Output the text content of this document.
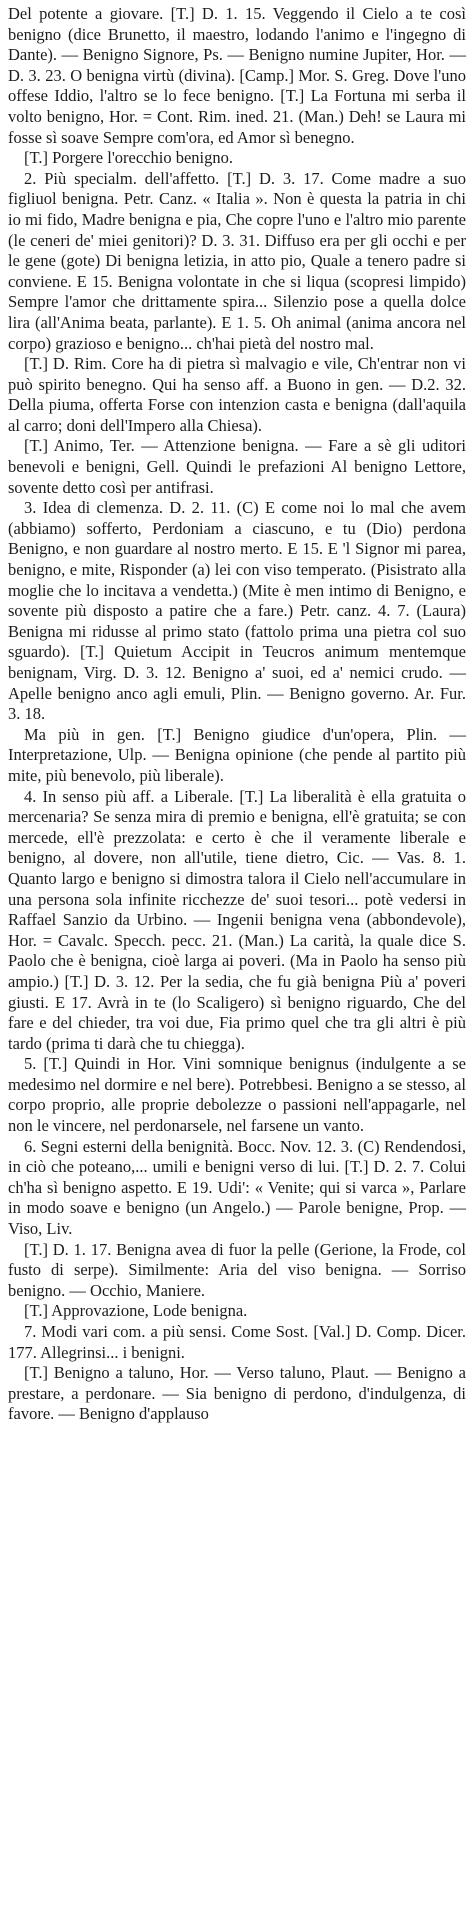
Del potente a giovare. [T.] D. 1. 15. Veggendo il Cielo a te così benigno (dice Brunetto, il maestro, lodando l'animo e l'ingegno di Dante). — Benigno Signore, Ps. — Benigno numine Jupiter, Hor. — D. 3. 23. O benigna virtù (divina). [Camp.] Mor. S. Greg. Dove l'uno offese Iddio, l'altro se lo fece benigno. [T.] La Fortuna mi serba il volto benigno, Hor. = Cont. Rim. ined. 21. (Man.) Deh! se Laura mi fosse sì soave Sempre com'ora, ed Amor sì benegno.

[T.] Porgere l'orecchio benigno.

2. Più specialm. dell'affetto. [T.] D. 3. 17. Come madre a suo figliuol benigna. Petr. Canz. « Italia ». Non è questa la patria in chi io mi fido, Madre benigna e pia, Che copre l'uno e l'altro mio parente (le ceneri de' miei genitori)? D. 3. 31. Diffuso era per gli occhi e per le gene (gote) Di benigna letizia, in atto pio, Quale a tenero padre si conviene. E 15. Benigna volontate in che si liqua (scopresi limpido) Sempre l'amor che drittamente spira... Silenzio pose a quella dolce lira (all'Anima beata, parlante). E 1. 5. Oh animal (anima ancora nel corpo) grazioso e benigno... ch'hai pietà del nostro mal.

[T.] D. Rim. Core ha di pietra sì malvagio e vile, Ch'entrar non vi può spirito benegno. Qui ha senso aff. a Buono in gen. — D.2. 32. Della piuma, offerta Forse con intenzion casta e benigna (dall'aquila al carro; doni dell'Impero alla Chiesa).

[T.] Animo, Ter. — Attenzione benigna. — Fare a sè gli uditori benevoli e benigni, Gell. Quindi le prefazioni Al benigno Lettore, sovente detto così per antifrasi.

3. Idea di clemenza. D. 2. 11. (C) E come noi lo mal che avem (abbiamo) sofferto, Perdoniam a ciascuno, e tu (Dio) perdona Benigno, e non guardare al nostro merto. E 15. E 'l Signor mi parea, benigno, e mite, Risponder (a) lei con viso temperato. (Pisistrato alla moglie che lo incitava a vendetta.) (Mite è men intimo di Benigno, e sovente più disposto a patire che a fare.) Petr. canz. 4. 7. (Laura) Benigna mi ridusse al primo stato (fattolo prima una pietra col suo sguardo). [T.] Quietum Accipit in Teucros animum mentemque benignam, Virg. D. 3. 12. Benigno a' suoi, ed a' nemici crudo. — Apelle benigno anco agli emuli, Plin. — Benigno governo. Ar. Fur. 3. 18.

Ma più in gen. [T.] Benigno giudice d'un'opera, Plin. — Interpretazione, Ulp. — Benigna opinione (che pende al partito più mite, più benevolo, più liberale).

4. In senso più aff. a Liberale. [T.] La liberalità è ella gratuita o mercenaria? Se senza mira di premio e benigna, ell'è gratuita; se con mercede, ell'è prezzolata: e certo è che il veramente liberale e benigno, al dovere, non all'utile, tiene dietro, Cic. — Vas. 8. 1. Quanto largo e benigno si dimostra talora il Cielo nell'accumulare in una persona sola infinite ricchezze de' suoi tesori... potè vedersi in Raffael Sanzio da Urbino. — Ingenii benigna vena (abbondevole), Hor. = Cavalc. Specch. pecc. 21. (Man.) La carità, la quale dice S. Paolo che è benigna, cioè larga ai poveri. (Ma in Paolo ha senso più ampio.) [T.] D. 3. 12. Per la sedia, che fu già benigna Più a' poveri giusti. E 17. Avrà in te (lo Scaligero) sì benigno riguardo, Che del fare e del chieder, tra voi due, Fia primo quel che tra gli altri è più tardo (prima ti darà che tu chiegga).

5. [T.] Quindi in Hor. Vini somnique benignus (indulgente a se medesimo nel dormire e nel bere). Potrebbesi. Benigno a se stesso, al corpo proprio, alle proprie debolezze o passioni nell'appagarle, nel non le vincere, nel perdonarsele, nel farsene un vanto.

6. Segni esterni della benignità. Bocc. Nov. 12. 3. (C) Rendendosi, in ciò che poteano,... umili e benigni verso di lui. [T.] D. 2. 7. Colui ch'ha sì benigno aspetto. E 19. Udi': « Venite; qui si varca », Parlare in modo soave e benigno (un Angelo.) — Parole benigne, Prop. — Viso, Liv.

[T.] D. 1. 17. Benigna avea di fuor la pelle (Gerione, la Frode, col fusto di serpe). Similmente: Aria del viso benigna. — Sorriso benigno. — Occhio, Maniere.

[T.] Approvazione, Lode benigna.

7. Modi vari com. a più sensi. Come Sost. [Val.] D. Comp. Dicer. 177. Allegrinsi... i benigni.

[T.] Benigno a taluno, Hor. — Verso taluno, Plaut. — Benigno a prestare, a perdonare. — Sia benigno di perdono, d'indulgenza, di favore. — Benigno d'applauso
